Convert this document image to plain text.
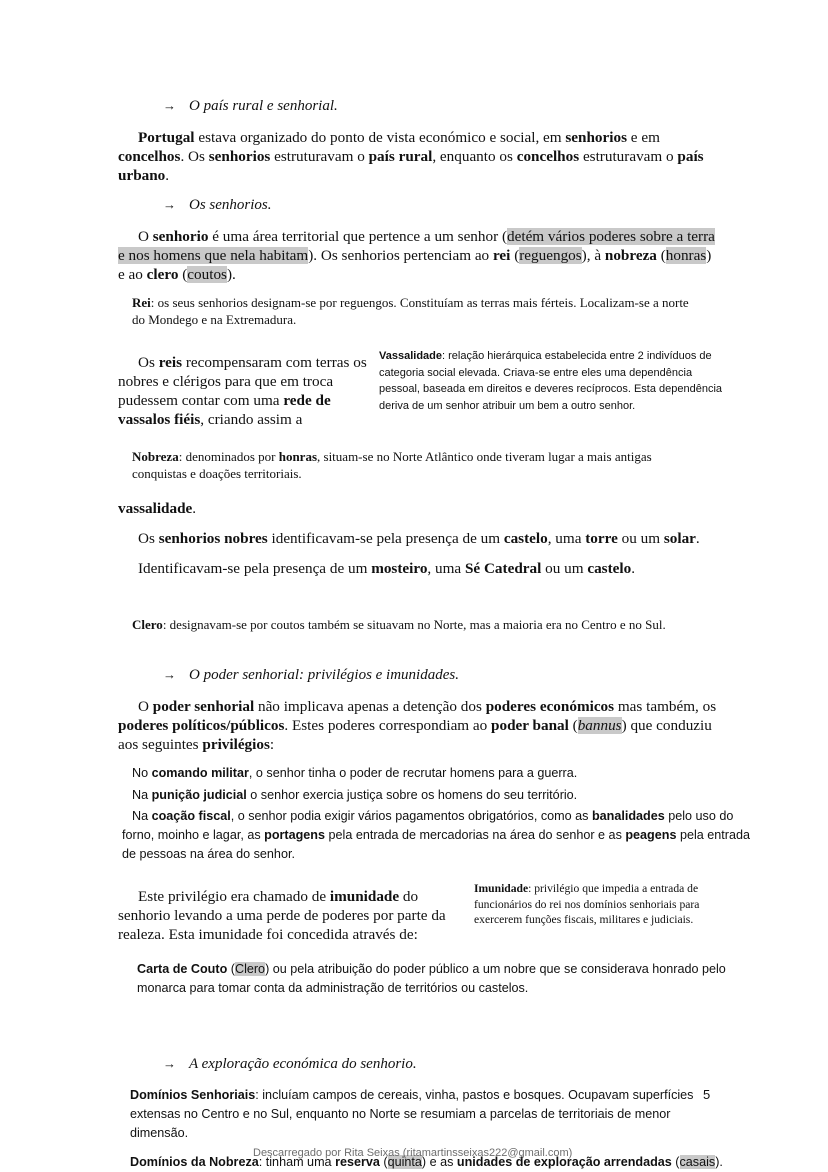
→ O país rural e senhorial.
Portugal estava organizado do ponto de vista económico e social, em senhorios e em concelhos. Os senhorios estruturavam o país rural, enquanto os concelhos estruturavam o país urbano.
→ Os senhorios.
O senhorio é uma área territorial que pertence a um senhor (detém vários poderes sobre a terra e nos homens que nela habitam). Os senhorios pertenciam ao rei (reguengos), à nobreza (honras) e ao clero (coutos).
Rei: os seus senhorios designam-se por reguengos. Constituíam as terras mais férteis. Localizam-se a norte do Mondego e na Extremadura.
Os reis recompensaram com terras os nobres e clérigos para que em troca pudessem contar com uma rede de vassalos fiéis, criando assim a
Vassalidade: relação hierárquica estabelecida entre 2 indivíduos de categoria social elevada. Criava-se entre eles uma dependência pessoal, baseada em direitos e deveres recíprocos. Esta dependência deriva de um senhor atribuir um bem a outro senhor.
Nobreza: denominados por honras, situam-se no Norte Atlântico onde tiveram lugar a mais antigas conquistas e doações territoriais.
vassalidade.
Os senhorios nobres identificavam-se pela presença de um castelo, uma torre ou um solar.
Identificavam-se pela presença de um mosteiro, uma Sé Catedral ou um castelo.
Clero: designavam-se por coutos também se situavam no Norte, mas a maioria era no Centro e no Sul.
→ O poder senhorial: privilégios e imunidades.
O poder senhorial não implicava apenas a detenção dos poderes económicos mas também, os poderes políticos/públicos. Estes poderes correspondiam ao poder banal (bannus) que conduziu aos seguintes privilégios:
No comando militar, o senhor tinha o poder de recrutar homens para a guerra.
Na punição judicial o senhor exercia justiça sobre os homens do seu território.
Na coação fiscal, o senhor podia exigir vários pagamentos obrigatórios, como as banalidades pelo uso do forno, moinho e lagar, as portagens pela entrada de mercadorias na área do senhor e as peagens pela entrada de pessoas na área do senhor.
Este privilégio era chamado de imunidade do senhorio levando a uma perde de poderes por parte da realeza. Esta imunidade foi concedida através de:
Imunidade: privilégio que impedia a entrada de funcionários do rei nos domínios senhoriais para exercerem funções fiscais, militares e judiciais.
Carta de Couto (Clero) ou pela atribuição do poder público a um nobre que se considerava honrado pelo monarca para tomar conta da administração de territórios ou castelos.
→ A exploração económica do senhorio.
Domínios Senhoriais: incluíam campos de cereais, vinha, pastos e bosques. Ocupavam superfícies extensas no Centro e no Sul, enquanto no Norte se resumiam a parcelas de territoriais de menor dimensão.
5
Domínios da Nobreza: tinham uma reserva (quinta) e as unidades de exploração arrendadas (casais).
Descarregado por Rita Seixas (ritamartinsseixas222@gmail.com)
